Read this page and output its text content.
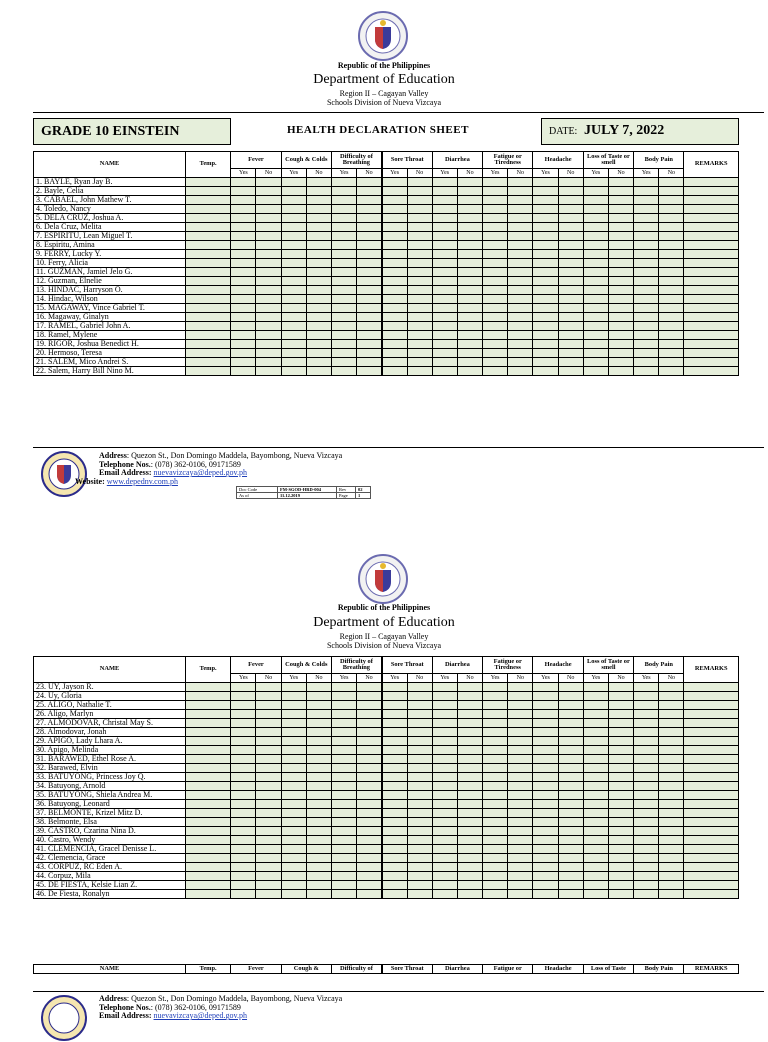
Republic of the Philippines
Department of Education
Region II – Cagayan Valley
Schools Division of Nueva Vizcaya
GRADE 10 EINSTEIN	HEALTH DECLARATION SHEET	DATE: JULY 7, 2022
NAME	Temp.	Fever		Cough & Colds		Difficulty of Breathing		Sore Throat		Diarrhea		Fatigue or Tiredness		Headache		Loss of Taste or smell		Body Pain		REMARKS
		Yes	No	Yes	No	Yes	No	Yes	No	Yes	No	Yes	No	Yes	No	Yes	No	Yes	No	
1. BAYLE, Ryan Jay B.																				
2. Bayle, Celia																				
3. CABAEL, John Mathew T.																				
4. Toledo, Nancy																				
5. DELA CRUZ, Joshua A.																				
6. Dela Cruz, Melita																				
7. ESPIRITU, Lean Miguel T.																				
8. Espiritu, Amina																				
9. FERRY, Lucky Y.																				
10. Ferry, Alicia																				
11. GUZMAN, Jamiel Jelo G.																				
12. Guzman, Elnelie																				
13. HINDAC, Harryson O.																				
14. Hindac, Wilson																				
15. MAGAWAY, Vince Gabriel T.																				
16. Magaway, Ginalyn																				
17. RAMEL, Gabriel John A.																				
18. Ramel, Mylene																				
19. RIGOR, Joshua Benedict H.																				
20. Hermoso, Teresa																				
21. SALEM, Mico Andrei S.																				
22. Salem, Harry Bill Nino M.																				
Address: Quezon St., Don Domingo Maddela, Bayombong, Nueva Vizcaya
Telephone Nos.: (078) 362-0106, 09171589
Email Address: nuevavizcaya@deped.gov.ph
Website: www.depednv.com.ph
Doc Code	FM-SGOD-HRD-004	Rev	02
As of	11.12.2019	Page	1
Republic of the Philippines
Department of Education
Region II – Cagayan Valley
Schools Division of Nueva Vizcaya
NAME	Temp.	Fever		Cough & Colds		Difficulty of Breathing		Sore Throat		Diarrhea		Fatigue or Tiredness		Headache		Loss of Taste or smell		Body Pain		REMARKS
		Yes	No	Yes	No	Yes	No	Yes	No	Yes	No	Yes	No	Yes	No	Yes	No	Yes	No	
23. UY, Jayson R.																				
24. Uy, Gloria																				
25. ALIGO, Nathalie T.																				
26. Aligo, Marlyn																				
27. ALMODOVAR, Christal May S.																				
28. Almodovar, Jonah																				
29. APIGO, Lady Lhara A.																				
30. Apigo, Melinda																				
31. BARAWED, Ethel Rose A.																				
32. Barawed, Elvin																				
33. BATUYONG, Princess Joy Q.																				
34. Batuyong, Arnold																				
35. BATUYONG, Shiela Andrea M.																				
36. Batuyong, Leonard																				
37. BELMONTE, Krizel Mitz D.																				
38. Belmonte, Elsa																				
39. CASTRO, Czarina Nina D.																				
40. Castro, Wendy																				
41. CLEMENCIA, Gracel Denisse L.																				
42. Clemencia, Grace																				
43. CORPUZ, RC Eden A.																				
44. Corpuz, Mila																				
45. DE FIESTA, Kelsie Lian Z.																				
46. De Fiesta, Ronalyn																				
NAME	Temp.	Fever	Cough &	Difficulty of	Sore Throat	Diarrhea	Fatigue or	Headache	Loss of Taste	Body Pain	REMARKS
Address: Quezon St., Don Domingo Maddela, Bayombong, Nueva Vizcaya
Telephone Nos.: (078) 362-0106, 09171589
Email Address: nuevavizcaya@deped.gov.ph
